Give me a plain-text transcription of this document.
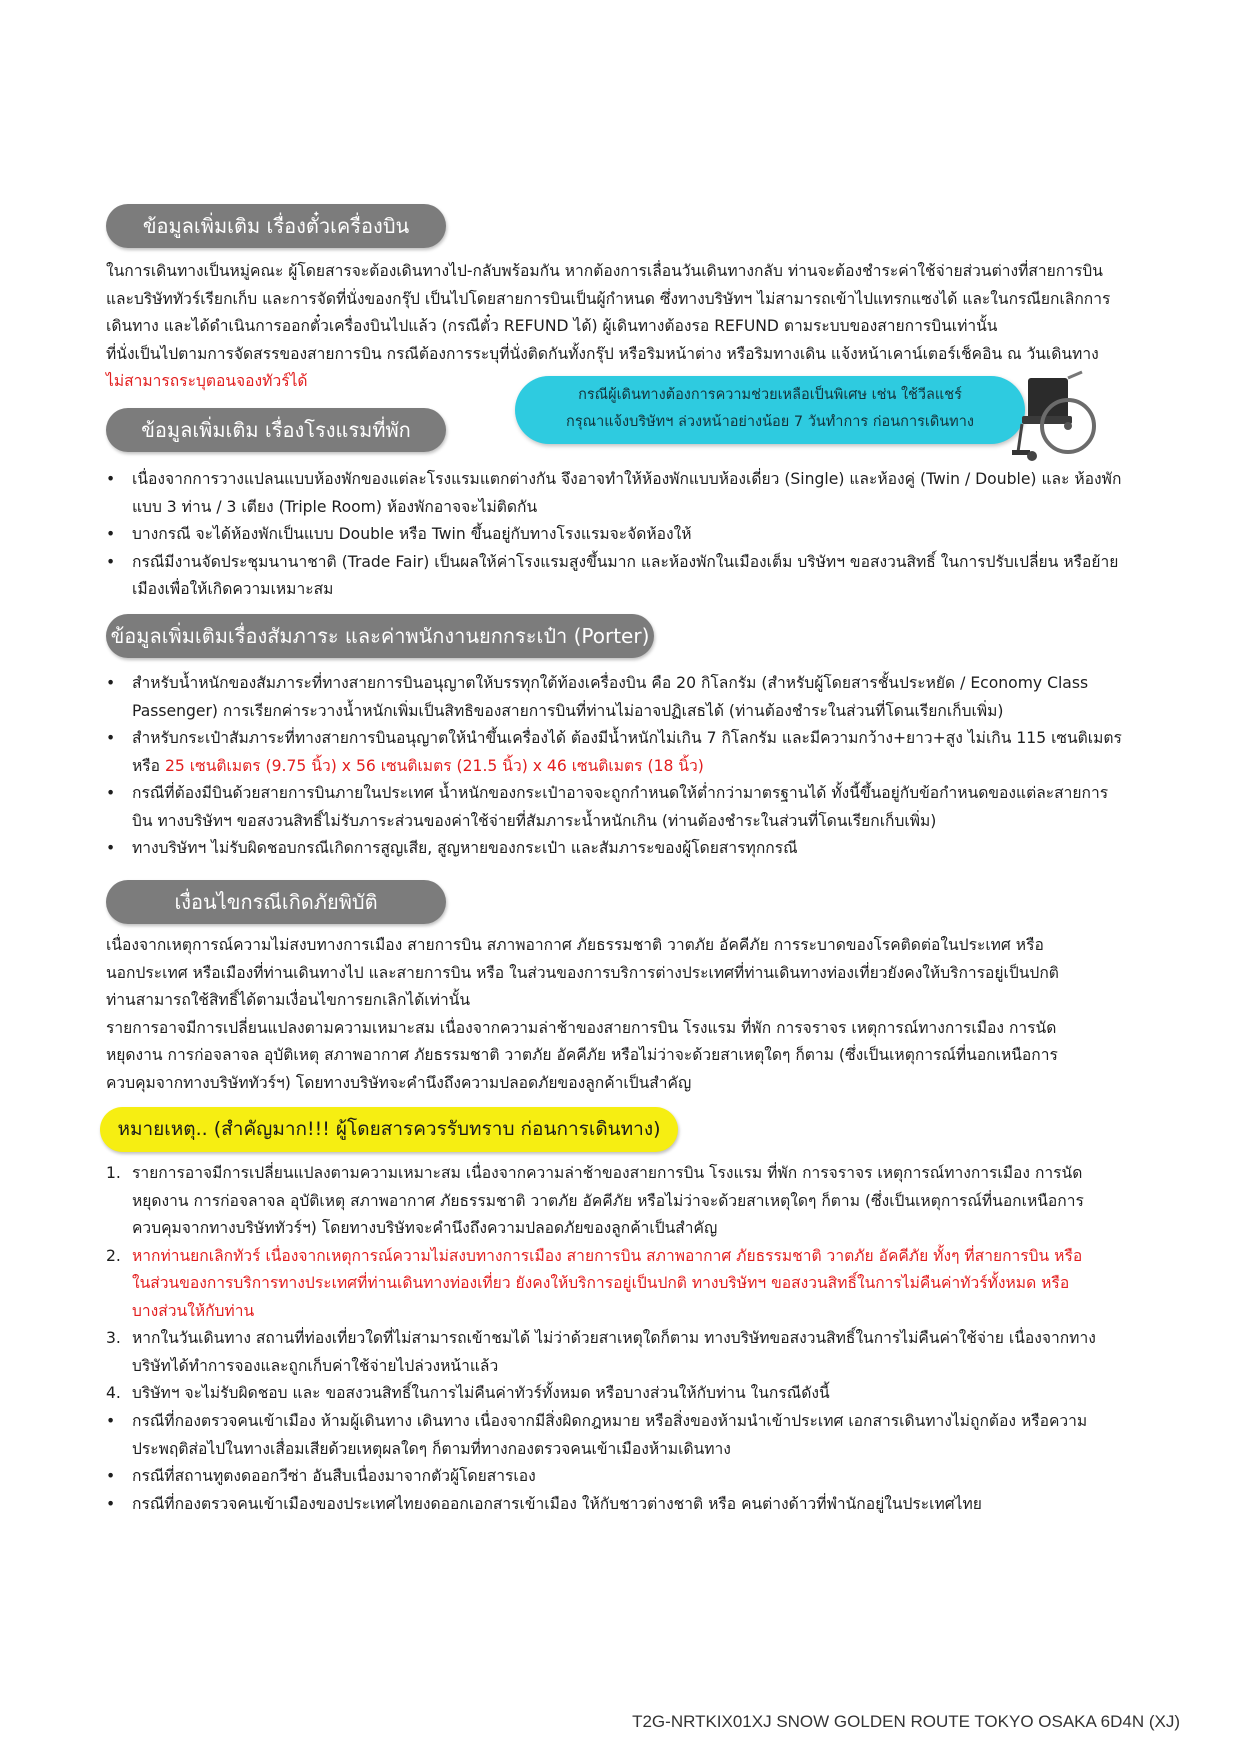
ข้อมูลเพิ่มเติม เรื่องตั๋วเครื่องบิน

ในการเดินทางเป็นหมู่คณะ ผู้โดยสารจะต้องเดินทางไป-กลับพร้อมกัน หากต้องการเลื่อนวันเดินทางกลับ ท่านจะต้องชำระค่าใช้จ่ายส่วนต่างที่สายการบิน

และบริษัททัวร์เรียกเก็บ และการจัดที่นั่งของกรุ๊ป เป็นไปโดยสายการบินเป็นผู้กำหนด ซึ่งทางบริษัทฯ ไม่สามารถเข้าไปแทรกแซงได้ และในกรณียกเลิกการ

เดินทาง และได้ดำเนินการออกตั๋วเครื่องบินไปแล้ว (กรณีตั๋ว REFUND ได้) ผู้เดินทางต้องรอ REFUND ตามระบบของสายการบินเท่านั้น

ที่นั่งเป็นไปตามการจัดสรรของสายการบิน กรณีต้องการระบุที่นั่งติดกันทั้งกรุ๊ป หรือริมหน้าต่าง หรือริมทางเดิน แจ้งหน้าเคาน์เตอร์เช็คอิน ณ วันเดินทาง

ไม่สามารถระบุตอนจองทัวร์ได้

กรณีผู้เดินทางต้องการความช่วยเหลือเป็นพิเศษ เช่น ใช้วีลแชร์
กรุณาแจ้งบริษัทฯ ล่วงหน้าอย่างน้อย 7 วันทำการ ก่อนการเดินทาง
ข้อมูลเพิ่มเติม เรื่องโรงแรมที่พัก
•
เนื่องจากการวางแปลนแบบห้องพักของแต่ละโรงแรมแตกต่างกัน จึงอาจทำให้ห้องพักแบบห้องเดี่ยว (Single) และห้องคู่ (Twin / Double) และ ห้องพัก
แบบ 3 ท่าน / 3 เตียง (Triple Room) ห้องพักอาจจะไม่ติดกัน
•
บางกรณี จะได้ห้องพักเป็นแบบ Double หรือ Twin ขึ้นอยู่กับทางโรงแรมจะจัดห้องให้
•
กรณีมีงานจัดประชุมนานาชาติ (Trade Fair) เป็นผลให้ค่าโรงแรมสูงขึ้นมาก และห้องพักในเมืองเต็ม บริษัทฯ ขอสงวนสิทธิ์ ในการปรับเปลี่ยน หรือย้าย
เมืองเพื่อให้เกิดความเหมาะสม
ข้อมูลเพิ่มเติมเรื่องสัมภาระ และค่าพนักงานยกกระเป๋า (Porter)
•
สำหรับน้ำหนักของสัมภาระที่ทางสายการบินอนุญาตให้บรรทุกใต้ท้องเครื่องบิน คือ 20 กิโลกรัม (สำหรับผู้โดยสารชั้นประหยัด / Economy Class
Passenger) การเรียกค่าระวางน้ำหนักเพิ่มเป็นสิทธิของสายการบินที่ท่านไม่อาจปฏิเสธได้ (ท่านต้องชำระในส่วนที่โดนเรียกเก็บเพิ่ม)
•
สำหรับกระเป๋าสัมภาระที่ทางสายการบินอนุญาตให้นำขึ้นเครื่องได้ ต้องมีน้ำหนักไม่เกิน 7 กิโลกรัม และมีความกว้าง+ยาว+สูง ไม่เกิน 115 เซนติเมตร
หรือ 25 เซนติเมตร (9.75 นิ้ว) x 56 เซนติเมตร (21.5 นิ้ว) x 46 เซนติเมตร (18 นิ้ว)
•
กรณีที่ต้องมีบินด้วยสายการบินภายในประเทศ น้ำหนักของกระเป๋าอาจจะถูกกำหนดให้ต่ำกว่ามาตรฐานได้ ทั้งนี้ขึ้นอยู่กับข้อกำหนดของแต่ละสายการ
บิน ทางบริษัทฯ ขอสงวนสิทธิ์ไม่รับภาระส่วนของค่าใช้จ่ายที่สัมภาระน้ำหนักเกิน (ท่านต้องชำระในส่วนที่โดนเรียกเก็บเพิ่ม)
•
ทางบริษัทฯ ไม่รับผิดชอบกรณีเกิดการสูญเสีย, สูญหายของกระเป๋า และสัมภาระของผู้โดยสารทุกกรณี
เงื่อนไขกรณีเกิดภัยพิบัติ

เนื่องจากเหตุการณ์ความไม่สงบทางการเมือง สายการบิน สภาพอากาศ ภัยธรรมชาติ วาตภัย อัคคีภัย การระบาดของโรคติดต่อในประเทศ หรือ

นอกประเทศ หรือเมืองที่ท่านเดินทางไป และสายการบิน หรือ ในส่วนของการบริการต่างประเทศที่ท่านเดินทางท่องเที่ยวยังคงให้บริการอยู่เป็นปกติ

ท่านสามารถใช้สิทธิ์ได้ตามเงื่อนไขการยกเลิกได้เท่านั้น

รายการอาจมีการเปลี่ยนแปลงตามความเหมาะสม เนื่องจากความล่าช้าของสายการบิน โรงแรม ที่พัก การจราจร เหตุการณ์ทางการเมือง การนัด

หยุดงาน การก่อจลาจล อุบัติเหตุ สภาพอากาศ ภัยธรรมชาติ วาตภัย อัคคีภัย หรือไม่ว่าจะด้วยสาเหตุใดๆ ก็ตาม (ซึ่งเป็นเหตุการณ์ที่นอกเหนือการ

ควบคุมจากทางบริษัททัวร์ฯ) โดยทางบริษัทจะคำนึงถึงความปลอดภัยของลูกค้าเป็นสำคัญ

หมายเหตุ.. (สำคัญมาก!!! ผู้โดยสารควรรับทราบ ก่อนการเดินทาง)
1. รายการอาจมีการเปลี่ยนแปลงตามความเหมาะสม เนื่องจากความล่าช้าของสายการบิน โรงแรม ที่พัก การจราจร เหตุการณ์ทางการเมือง การนัด
หยุดงาน การก่อจลาจล อุบัติเหตุ สภาพอากาศ ภัยธรรมชาติ วาตภัย อัคคีภัย หรือไม่ว่าจะด้วยสาเหตุใดๆ ก็ตาม (ซึ่งเป็นเหตุการณ์ที่นอกเหนือการ
ควบคุมจากทางบริษัททัวร์ฯ) โดยทางบริษัทจะคำนึงถึงความปลอดภัยของลูกค้าเป็นสำคัญ
2. หากท่านยกเลิกทัวร์ เนื่องจากเหตุการณ์ความไม่สงบทางการเมือง สายการบิน สภาพอากาศ ภัยธรรมชาติ วาตภัย อัคคีภัย ทั้งๆ ที่สายการบิน หรือ
ในส่วนของการบริการทางประเทศที่ท่านเดินทางท่องเที่ยว ยังคงให้บริการอยู่เป็นปกติ ทางบริษัทฯ ขอสงวนสิทธิ์ในการไม่คืนค่าทัวร์ทั้งหมด หรือ
บางส่วนให้กับท่าน
3. หากในวันเดินทาง สถานที่ท่องเที่ยวใดที่ไม่สามารถเข้าชมได้ ไม่ว่าด้วยสาเหตุใดก็ตาม ทางบริษัทขอสงวนสิทธิ์ในการไม่คืนค่าใช้จ่าย เนื่องจากทาง
บริษัทได้ทำการจองและถูกเก็บค่าใช้จ่ายไปล่วงหน้าแล้ว
4. บริษัทฯ จะไม่รับผิดชอบ และ ขอสงวนสิทธิ์ในการไม่คืนค่าทัวร์ทั้งหมด หรือบางส่วนให้กับท่าน ในกรณีดังนี้
•
กรณีที่กองตรวจคนเข้าเมือง ห้ามผู้เดินทาง เดินทาง เนื่องจากมีสิ่งผิดกฎหมาย หรือสิ่งของห้ามนำเข้าประเทศ เอกสารเดินทางไม่ถูกต้อง หรือความ
ประพฤติส่อไปในทางเสื่อมเสียด้วยเหตุผลใดๆ ก็ตามที่ทางกองตรวจคนเข้าเมืองห้ามเดินทาง
•
กรณีที่สถานทูตงดออกวีซ่า อันสืบเนื่องมาจากตัวผู้โดยสารเอง
•
กรณีที่กองตรวจคนเข้าเมืองของประเทศไทยงดออกเอกสารเข้าเมือง ให้กับชาวต่างชาติ หรือ คนต่างด้าวที่พำนักอยู่ในประเทศไทย
T2G-NRTKIX01XJ SNOW GOLDEN ROUTE TOKYO OSAKA 6D4N (XJ)
